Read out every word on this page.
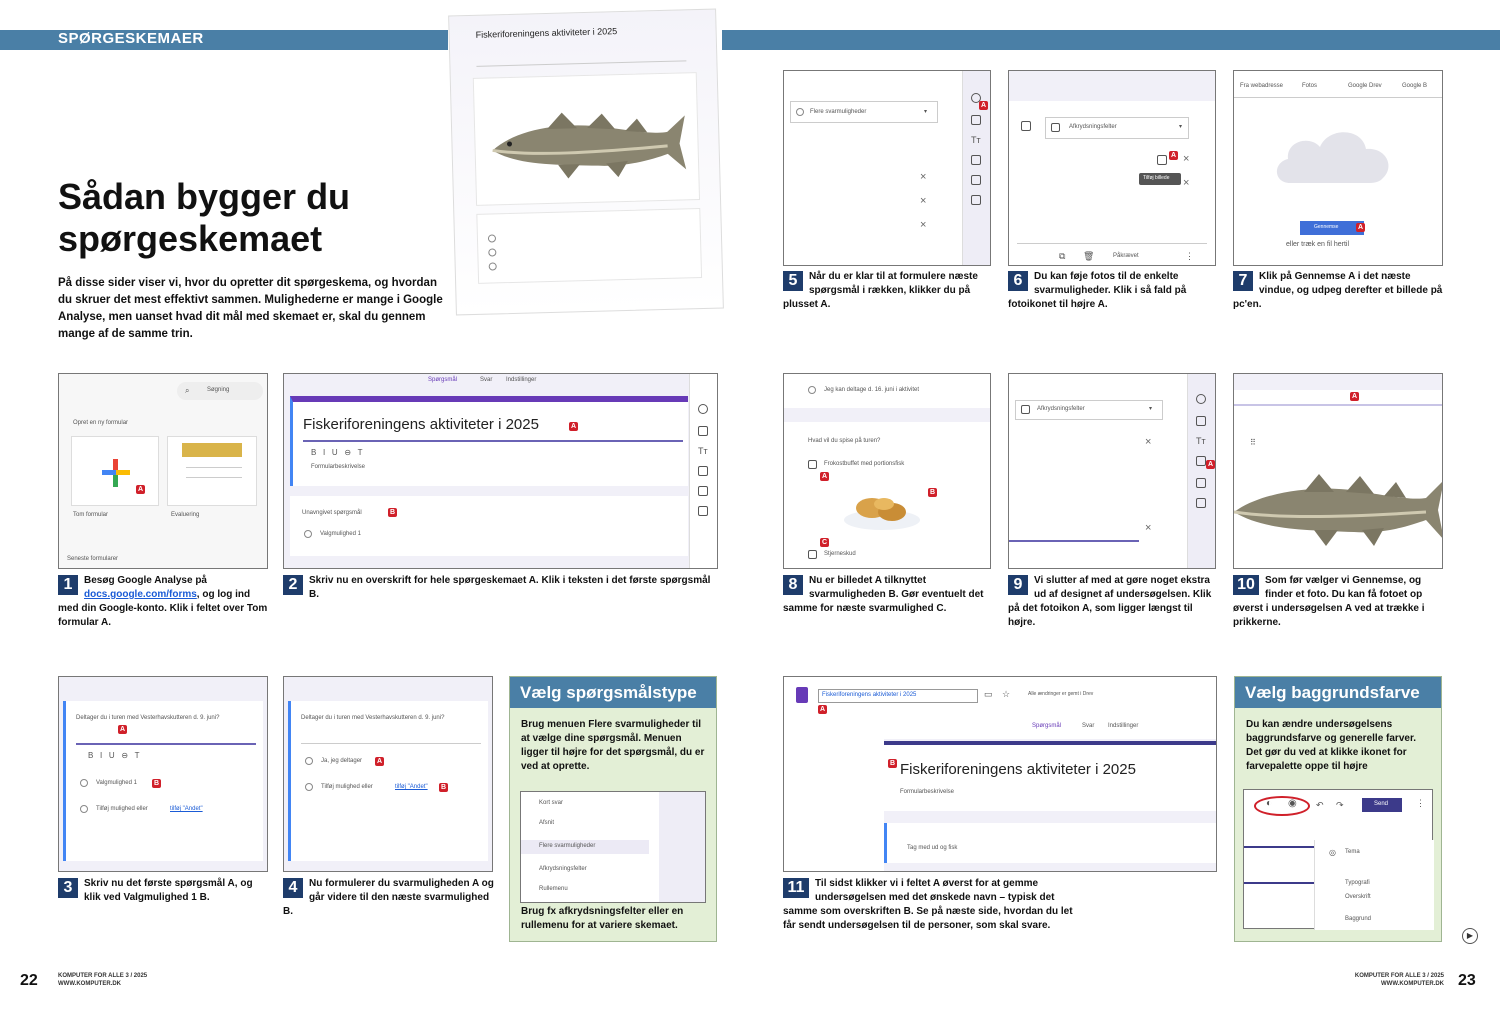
SPØRGESKEMAER	Fiskeriforeningens aktiviteter i 2025
Sådan bygger du spørgeskemaet
På disse sider viser vi, hvor du opretter dit spørgeskema, og hvordan du skruer det mest effektivt sammen. Mulighederne er mange i Google Analyse, men uanset hvad dit mål med skemaet er, skal du gennem mange af de samme trin.
⌕	Søgning
Opret en ny formular
A
Tom formular	Evaluering
Seneste formularer
1	Besøg Google Analyse på docs.google.com/forms, og log ind med din Google-konto. Klik i feltet over Tom formular A.
Spørgsmål	Svar Indstillinger
Fiskeriforeningens aktiviteter i 2025	A
B   I   U   ⊖   T
Formularbeskrivelse
Unavngivet spørgsmål	B
Valgmulighed 1
Tт
2	Skriv nu en overskrift for hele spørgeskemaet A. Klik i teksten i det første spørgsmål B.
Deltager du i turen med Vesterhavskutteren d. 9. juni?
A
B   I   U   ⊖   T
Valgmulighed 1 B
Tilføj mulighed eller	tilføj "Andet"
3	Skriv nu det første spørgsmål A, og klik ved Valgmulighed 1 B.
Deltager du i turen med Vesterhavskutteren d. 9. juni?
Ja, jeg deltager A
Tilføj mulighed eller	tilføj "Andet" B
4	Nu formulerer du svarmuligheden A og går videre til den næste svarmulighed B.
Vælg spørgsmålstype
Brug menuen Flere svarmuligheder til at vælge dine spørgsmål. Menuen ligger til højre for det spørgsmål, du er ved at oprette.
Kort svar
Afsnit
Flere svarmuligheder
Afkrydsningsfelter
Rullemenu
Brug fx afkrydsningsfelter eller en rullemenu for at variere skemaet.
Flere svarmuligheder	▾
×
×
×
A
Tт
5	Når du er klar til at formulere næste spørgsmål i rækken, klikker du på plusset A.
Afkrydsningsfelter	▾
A ×
Tilføj billede ×
⧉ 🗑	Påkrævet	⋮
6	Du kan føje fotos til de enkelte svarmuligheder. Klik i så fald på fotoikonet til højre A.
Fra webadresse	Fotos	Google Drev	Google B
Gennemse	A
eller træk en fil hertil
7	Klik på Gennemse A i det næste vindue, og udpeg derefter et billede på pc'en.
Jeg kan deltage d. 16. juni i aktivitet
Hvad vil du spise på turen?
Frokostbuffet med portionsfisk
A
B
C
Stjerneskud
8	Nu er billedet A tilknyttet svarmuligheden B. Gør eventuelt det samme for næste svarmulighed C.
Afkrydsningsfelter	▾
×
×
Tт
A
9	Vi slutter af med at gøre noget ekstra ud af designet af undersøgelsen. Klik på det fotoikon A, som ligger længst til højre.
A
⠿
10	Som før vælger vi Gennemse, og finder et foto. Du kan få fotoet op øverst i undersøgelsen A ved at trække i prikkerne.
Fiskeriforeningens aktiviteter i 2025
A
▭ ☆	Alle ændringer er gemt i Drev
Spørgsmål	Svar Indstillinger
B Fiskeriforeningens aktiviteter i 2025
Formularbeskrivelse
Tag med ud og fisk
11	Til sidst klikker vi i feltet A øverst for at gemme undersøgelsen med det ønskede navn – typisk det samme som overskriften B. Se på næste side, hvordan du let får sendt undersøgelsen til de personer, som skal svare.
Vælg baggrundsfarve
Du kan ændre undersøgelsens baggrundsfarve og generelle farver. Det gør du ved at klikke ikonet for farvepalette oppe til højre
◐ ◉ ↶ ↷	Send	⋮
◎ Tema
Typografi
Overskrift
Baggrund
▶
22	KOMPUTER FOR ALLE 3 / 2025
WWW.KOMPUTER.DK
KOMPUTER FOR ALLE 3 / 2025
WWW.KOMPUTER.DK 23
